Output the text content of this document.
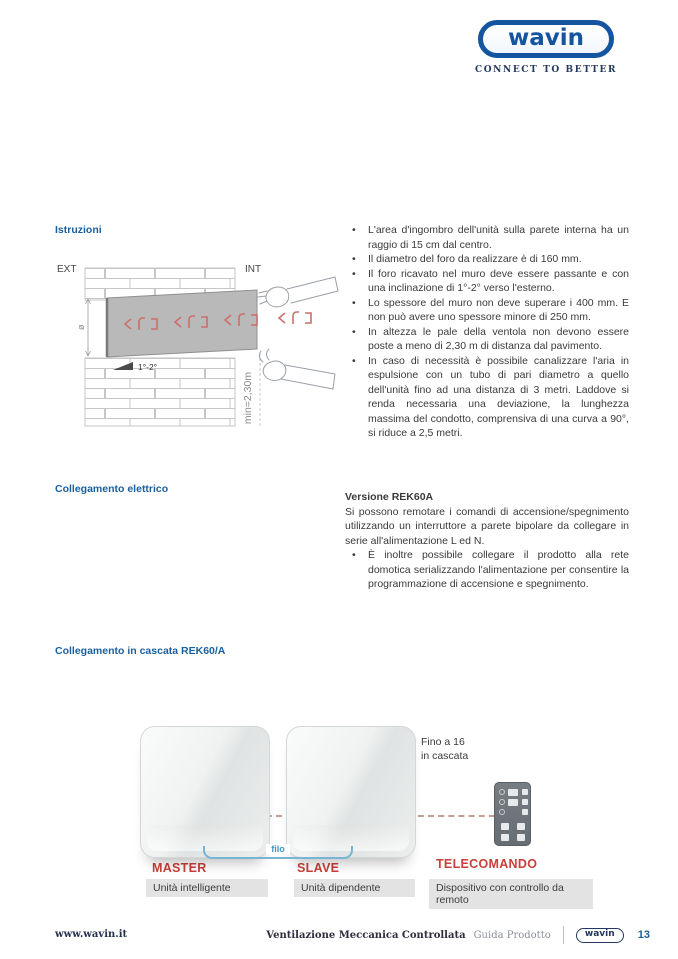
wavin
CONNECT TO BETTER
Istruzioni
EXT	INT
ø
1°-2°
min=2,30m
• L'area d'ingombro dell'unità sulla parete interna ha un raggio di 15 cm dal centro.
• Il diametro del foro da realizzare è di 160 mm.
• Il foro ricavato nel muro deve essere passante e con una inclinazione di 1°-2° verso l'esterno.
• Lo spessore del muro non deve superare i 400 mm. E non può avere uno spessore minore di 250 mm.
• In altezza le pale della ventola non devono essere poste a meno di 2,30 m di distanza dal pavimento.
• In caso di necessità è possibile canalizzare l'aria in espulsione con un tubo di pari diametro a quello dell'unità fino ad una distanza di 3 metri. Laddove si renda necessaria una deviazione, la lunghezza massima del condotto, comprensiva di una curva a 90°, si riduce a 2,5 metri.
Collegamento elettrico
Versione REK60A
Si possono remotare i comandi di accensione/spegnimento utilizzando un interruttore a parete bipolare da collegare in serie all'alimentazione L ed N.
• È inoltre possibile collegare il prodotto alla rete domotica serializzando l'alimentazione per consentire la programmazione di accensione e spegnimento.
Collegamento in cascata REK60/A
Fino a 16
in cascata
filo
MASTER	SLAVE	TELECOMANDO
Unità intelligente	Unità dipendente	Dispositivo con controllo da remoto
www.wavin.it	Ventilazione Meccanica Controllata Guida Prodotto	wavin 13
